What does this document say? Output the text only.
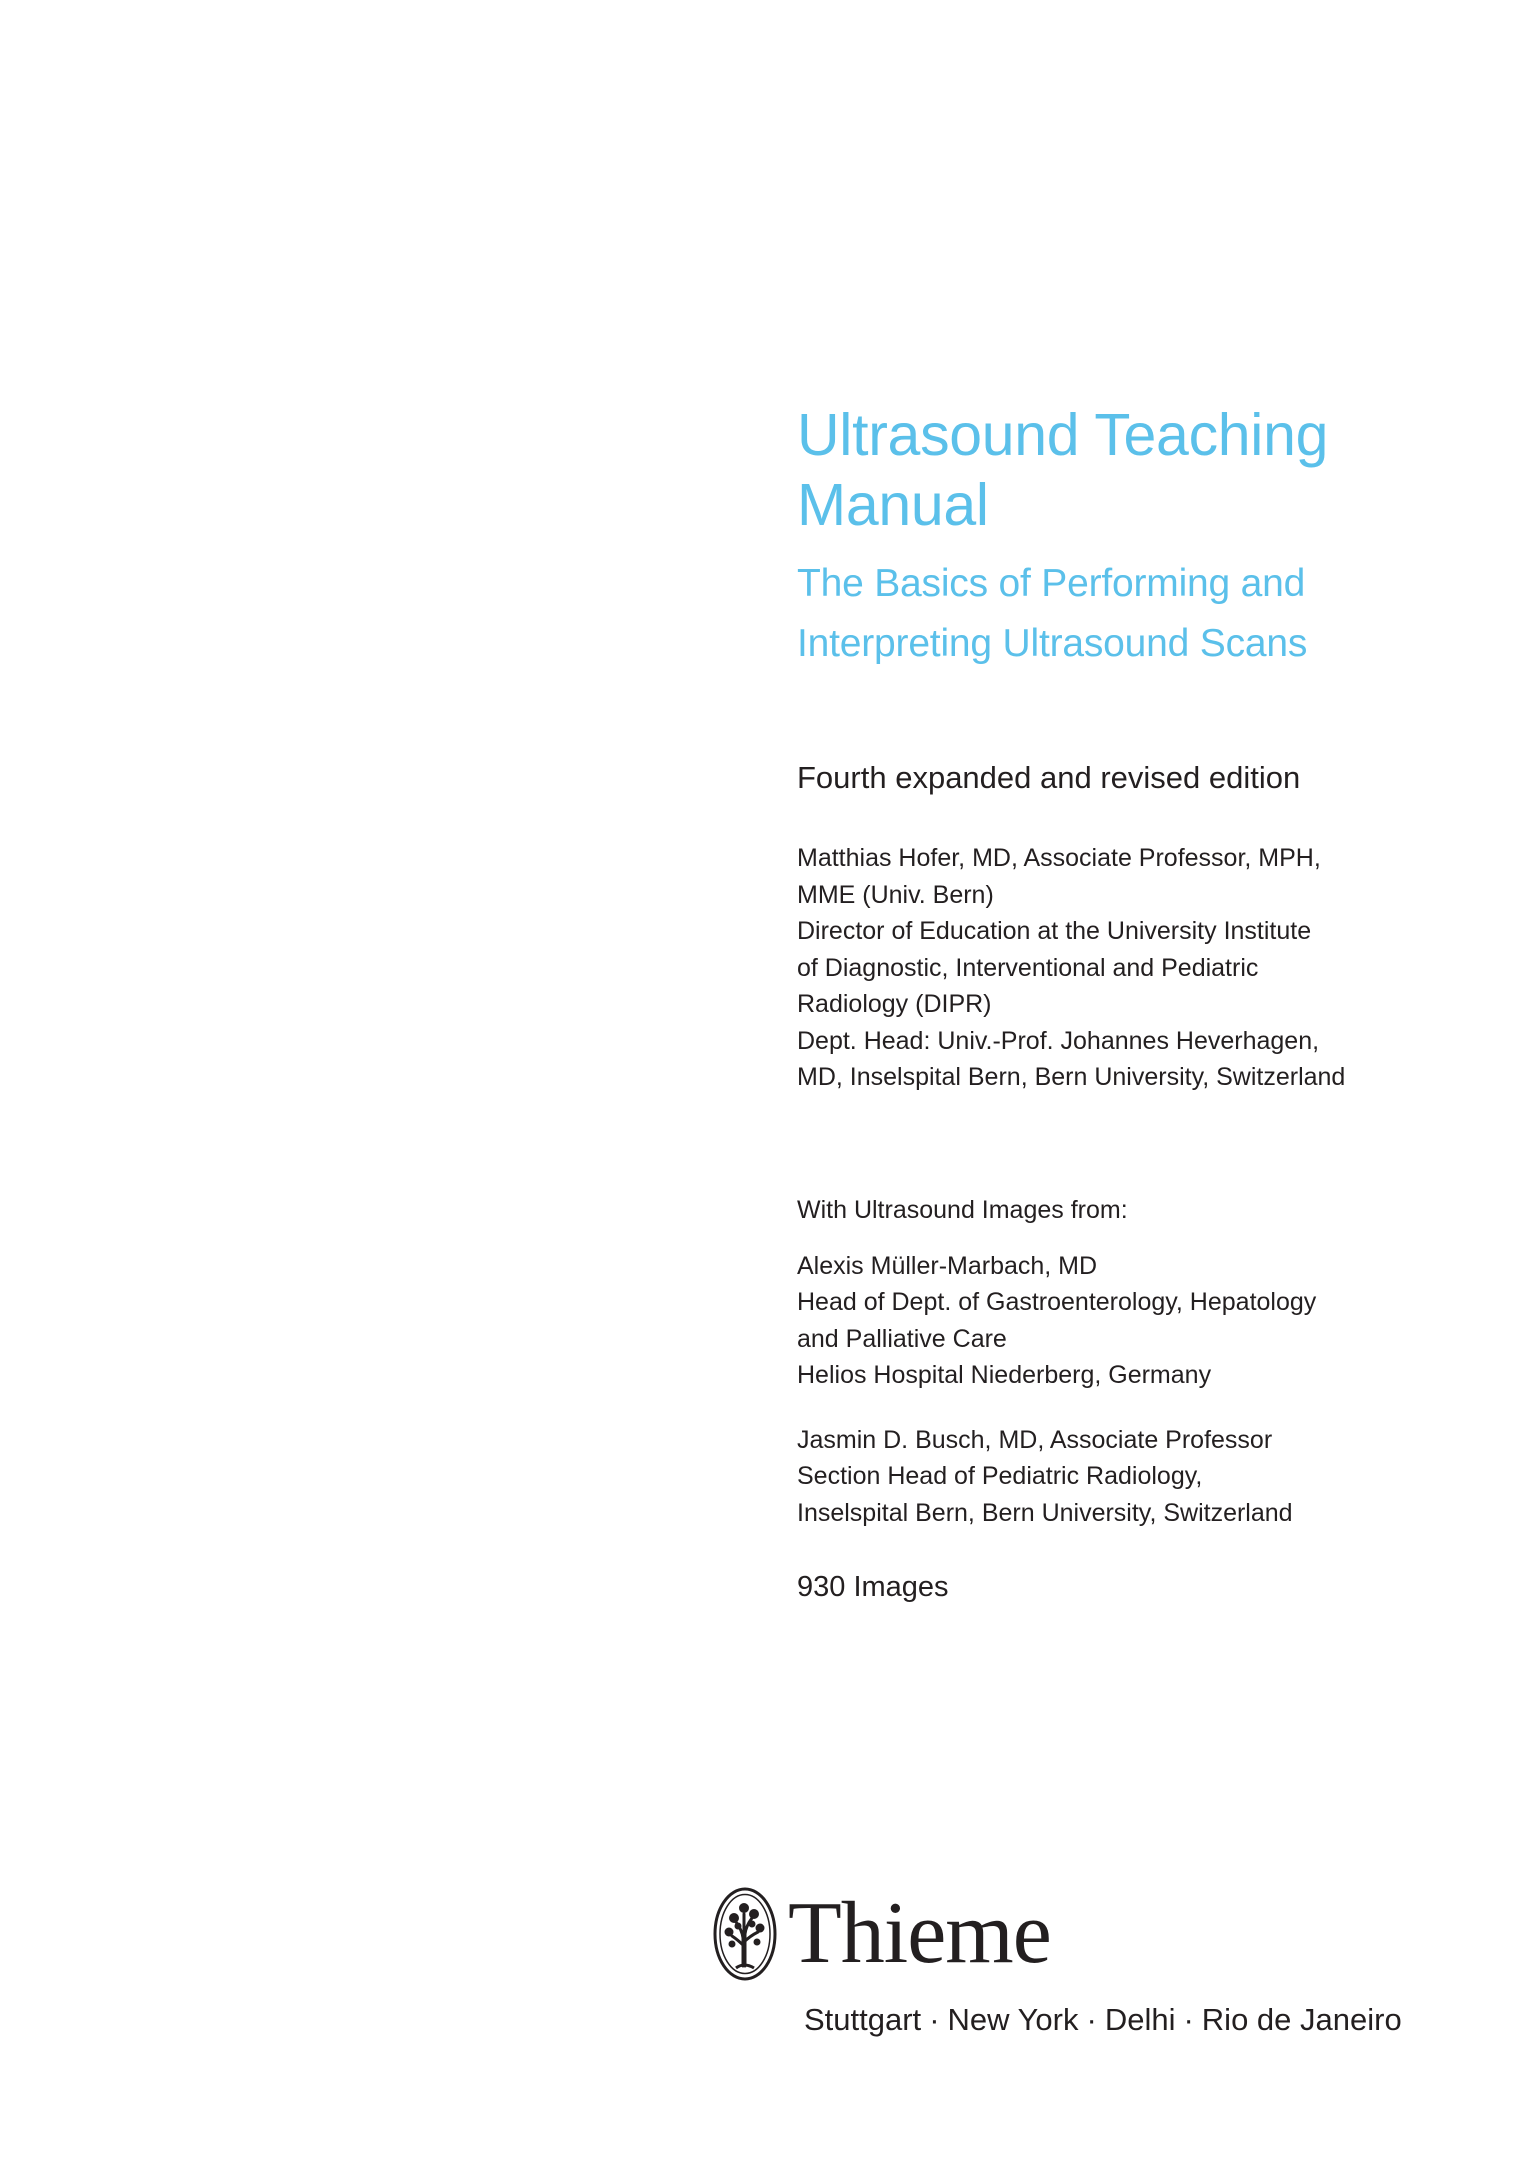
Ultrasound Teaching
Manual
The Basics of Performing and
Interpreting Ultrasound Scans
Fourth expanded and revised edition

Matthias Hofer, MD, Associate Professor, MPH,

MME (Univ. Bern)

Director of Education at the University Institute

of Diagnostic, Interventional and Pediatric

Radiology (DIPR)

Dept. Head: Univ.-Prof. Johannes Heverhagen,

MD, Inselspital Bern, Bern University, Switzerland

With Ultrasound Images from:

Alexis Müller-Marbach, MD

Head of Dept. of Gastroenterology, Hepatology

and Palliative Care

Helios Hospital Niederberg, Germany

Jasmin D. Busch, MD, Associate Professor

Section Head of Pediatric Radiology,

Inselspital Bern, Bern University, Switzerland

930 Images
Thieme
Stuttgart · New York · Delhi · Rio de Janeiro
